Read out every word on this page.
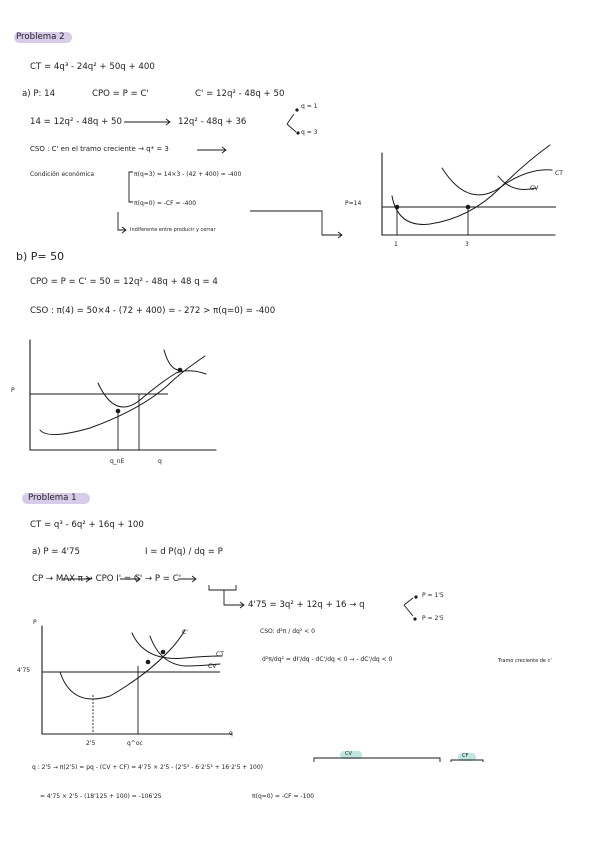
Problema 2
CT = 4q³ - 24q² + 50q + 400
a) P: 14	CPO = P = C'	C' = 12q² - 48q + 50
14 = 12q² - 48q + 50	12q² - 48q + 36
q = 1
q = 3
CSO : C' en el tramo creciente → q* = 3
Condición económica	π(q=3) = 14×3 - (42 + 400) = -400
π(q=0) = -CF = -400
Indiferente entre producir y cerrar
b) P= 50
CPO = P = C' = 50 = 12q² - 48q + 48 q = 4
CSO : π(4) = 50×4 - (72 + 400) = - 272 > π(q=0) = -400
P=14
CT
CV
1	3
P
q_nE	q
Problema 1
CT = q³ - 6q² + 16q + 100
a) P = 4'75	I = d P(q) / dq = P
CP → MAX π → CPO I' = C' → P = C'
4'75 = 3q² + 12q + 16 → q
P = 1'5
P = 2'5
CSO: d²π / dq² < 0
d²π/dq² = dI'/dq - dC'/dq < 0 → - dC'/dq < 0	Tramo creciente de c'
q : 2'5 → π(2'5) = pq - (CV + CF) = 4'75 × 2'5 - (2'5³ - 6·2'5² + 16·2'5 + 100)
CV	CF
= 4'75 × 2'5 - (18'125 + 100) = -106'25	π(q=0) = -CF = -100
P
4'75
C'
CT
CV
2'5	q^oc
q
